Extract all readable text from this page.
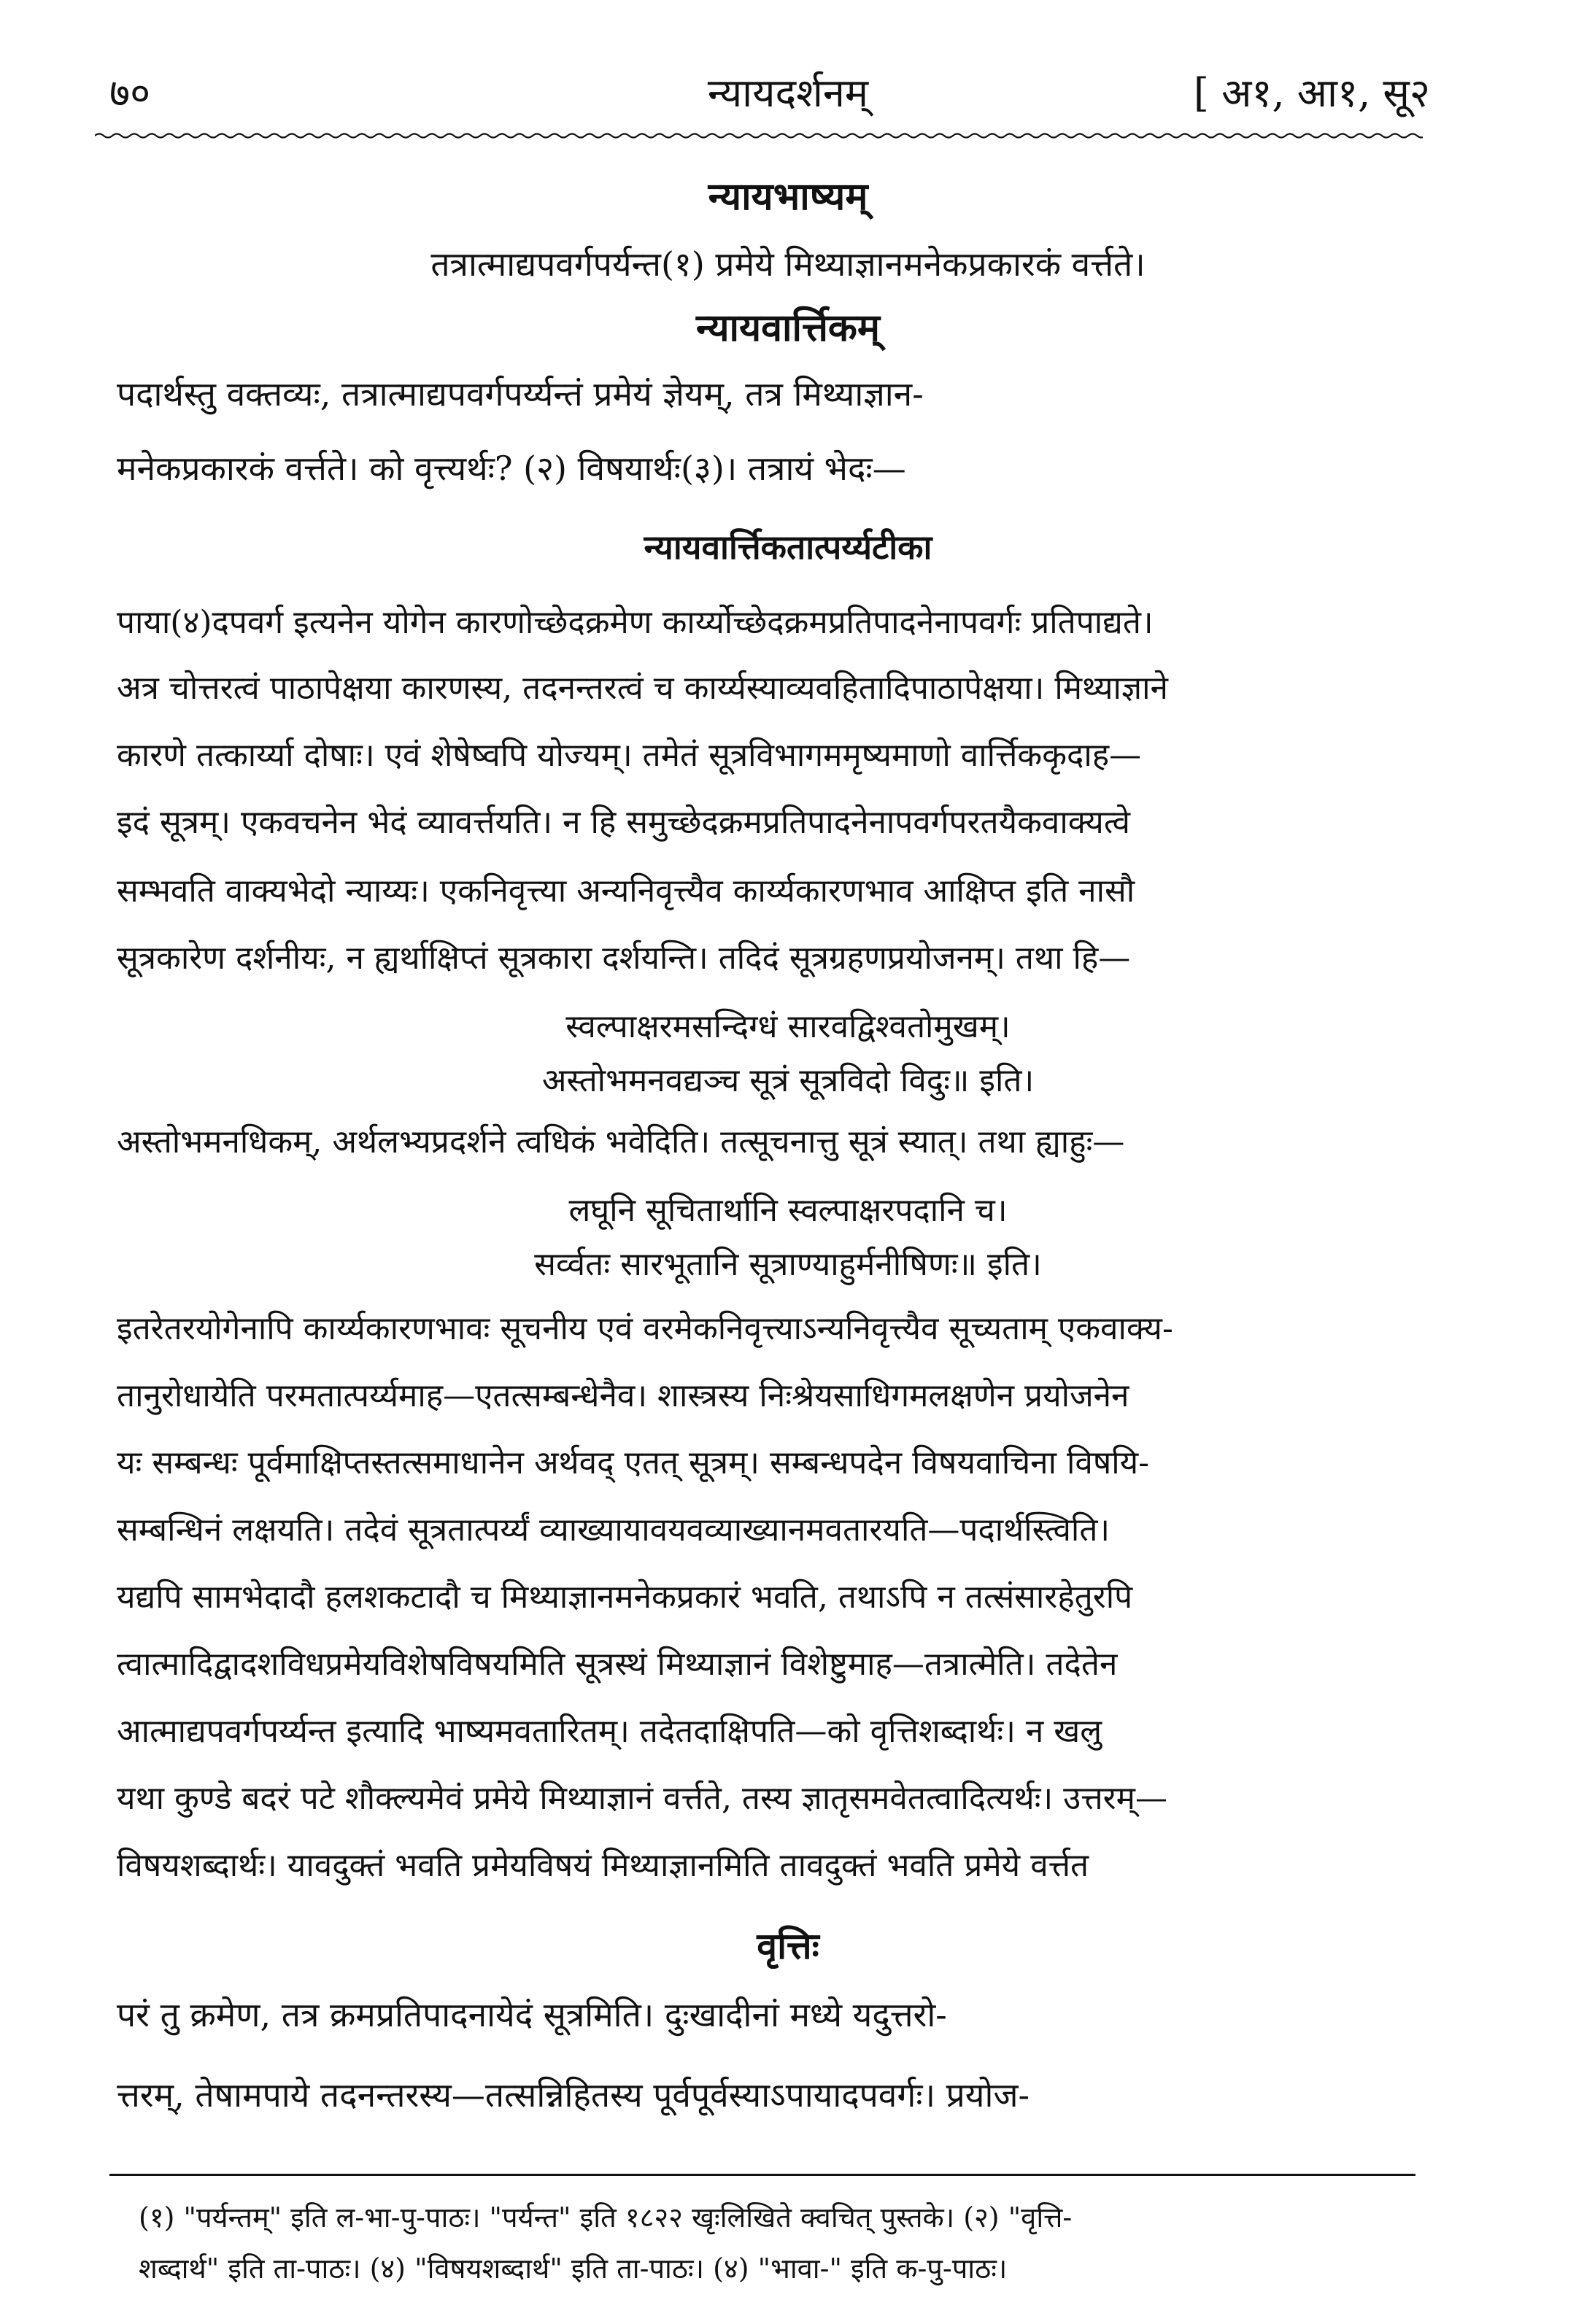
न्यायदर्शनम्
७०	[ अ१, आ१, सू२
न्यायभाष्यम्
तत्रात्माद्यपवर्गपर्यन्त(१) प्रमेये मिथ्याज्ञानमनेकप्रकारकं वर्त्तते।
न्यायवार्त्तिकम्
पदार्थस्तु वक्तव्यः, तत्रात्माद्यपवर्गपर्य्यन्तं प्रमेयं ज्ञेयम्, तत्र मिथ्याज्ञान-
मनेकप्रकारकं वर्त्तते। को वृत्त्यर्थः? (२) विषयार्थः(३)। तत्रायं भेदः—
न्यायवार्त्तिकतात्पर्य्यटीका
पाया(४)दपवर्ग इत्यनेन योगेन कारणोच्छेदक्रमेण कार्य्योच्छेदक्रमप्रतिपादनेनापवर्गः प्रतिपाद्यते।
अत्र चोत्तरत्वं पाठापेक्षया कारणस्य, तदनन्तरत्वं च कार्य्यस्याव्यवहितादिपाठापेक्षया। मिथ्याज्ञाने
कारणे तत्कार्य्या दोषाः। एवं शेषेष्वपि योज्यम्। तमेतं सूत्रविभागममृष्यमाणो वार्त्तिककृदाह—
इदं सूत्रम्। एकवचनेन भेदं व्यावर्त्तयति। न हि समुच्छेदक्रमप्रतिपादनेनापवर्गपरतयैकवाक्यत्वे
सम्भवति वाक्यभेदो न्याय्यः। एकनिवृत्त्या अन्यनिवृत्त्यैव कार्य्यकारणभाव आक्षिप्त इति नासौ
सूत्रकारेण दर्शनीयः, न ह्यर्थाक्षिप्तं सूत्रकारा दर्शयन्ति। तदिदं सूत्रग्रहणप्रयोजनम्। तथा हि—
स्वल्पाक्षरमसन्दिग्धं सारवद्विश्वतोमुखम्।
अस्तोभमनवद्यञ्च सूत्रं सूत्रविदो विदुः॥ इति।
अस्तोभमनधिकम्, अर्थलभ्यप्रदर्शने त्वधिकं भवेदिति। तत्सूचनात्तु सूत्रं स्यात्। तथा ह्याहुः—
लघूनि सूचितार्थानि स्वल्पाक्षरपदानि च।
सर्व्वतः सारभूतानि सूत्राण्याहुर्मनीषिणः॥ इति।
इतरेतरयोगेनापि कार्य्यकारणभावः सूचनीय एवं वरमेकनिवृत्त्याऽन्यनिवृत्त्यैव सूच्यताम् एकवाक्य-
तानुरोधायेति परमतात्पर्य्यमाह—एतत्सम्बन्धेनैव। शास्त्रस्य निःश्रेयसाधिगमलक्षणेन प्रयोजनेन
यः सम्बन्धः पूर्वमाक्षिप्तस्तत्समाधानेन अर्थवद् एतत् सूत्रम्। सम्बन्धपदेन विषयवाचिना विषयि-
सम्बन्धिनं लक्षयति। तदेवं सूत्रतात्पर्य्यं व्याख्यायावयवव्याख्यानमवतारयति—पदार्थस्त्विति।
यद्यपि सामभेदादौ हलशकटादौ च मिथ्याज्ञानमनेकप्रकारं भवति, तथाऽपि न तत्संसारहेतुरपि
त्वात्मादिद्वादशविधप्रमेयविशेषविषयमिति सूत्रस्थं मिथ्याज्ञानं विशेष्टुमाह—तत्रात्मेति। तदेतेन
आत्माद्यपवर्गपर्य्यन्त इत्यादि भाष्यमवतारितम्। तदेतदाक्षिपति—को वृत्तिशब्दार्थः। न खलु
यथा कुण्डे बदरं पटे शौक्ल्यमेवं प्रमेये मिथ्याज्ञानं वर्त्तते, तस्य ज्ञातृसमवेतत्वादित्यर्थः। उत्तरम्—
विषयशब्दार्थः। यावदुक्तं भवति प्रमेयविषयं मिथ्याज्ञानमिति तावदुक्तं भवति प्रमेये वर्त्तत
वृत्तिः
परं तु क्रमेण, तत्र क्रमप्रतिपादनायेदं सूत्रमिति। दुःखादीनां मध्ये यदुत्तरो-
त्तरम्, तेषामपाये तदनन्तरस्य—तत्सन्निहितस्य पूर्वपूर्वस्याऽपायादपवर्गः। प्रयोज-
(१) "पर्यन्तम्" इति ल-भा-पु-पाठः। "पर्यन्त" इति १८२२ खृःलिखिते क्वचित् पुस्तके। (२) "वृत्ति-
शब्दार्थ" इति ता-पाठः। (४) "विषयशब्दार्थ" इति ता-पाठः। (४) "भावा-" इति क-पु-पाठः।
